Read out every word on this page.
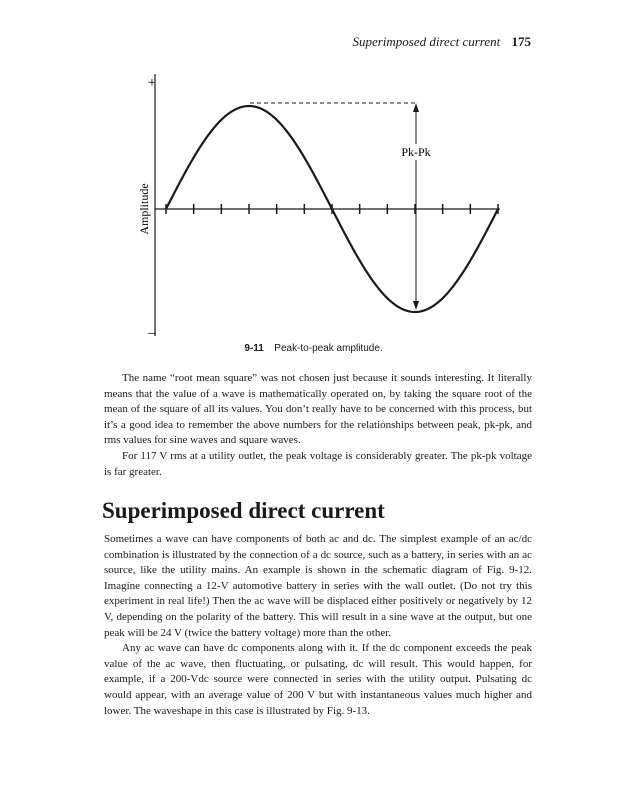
Superimposed direct current 175
+
–
Amplitude
Pk-Pk
9-11 Peak-to-peak amplitude.

The name “root mean square” was not chosen just because it sounds interesting. It literally means that the value of a wave is mathematically operated on, by taking the square root of the mean of the square of all its values. You don’t really have to be concerned with this process, but it’s a good idea to remember the above numbers for the relationships between peak, pk-pk, and rms values for sine waves and square waves.

For 117 V rms at a utility outlet, the peak voltage is considerably greater. The pk-pk voltage is far greater.

Superimposed direct current

Sometimes a wave can have components of both ac and dc. The simplest example of an ac/dc combination is illustrated by the connection of a dc source, such as a battery, in series with an ac source, like the utility mains. An example is shown in the schematic diagram of Fig. 9-12. Imagine connecting a 12-V automotive battery in series with the wall outlet. (Do not try this experiment in real life!) Then the ac wave will be displaced either positively or negatively by 12 V, depending on the polarity of the battery. This will result in a sine wave at the output, but one peak will be 24 V (twice the battery voltage) more than the other.

Any ac wave can have dc components along with it. If the dc component exceeds the peak value of the ac wave, then fluctuating, or pulsating, dc will result. This would happen, for example, if a 200-Vdc source were connected in series with the utility output. Pulsating dc would appear, with an average value of 200 V but with instantaneous values much higher and lower. The waveshape in this case is illustrated by Fig. 9-13.
